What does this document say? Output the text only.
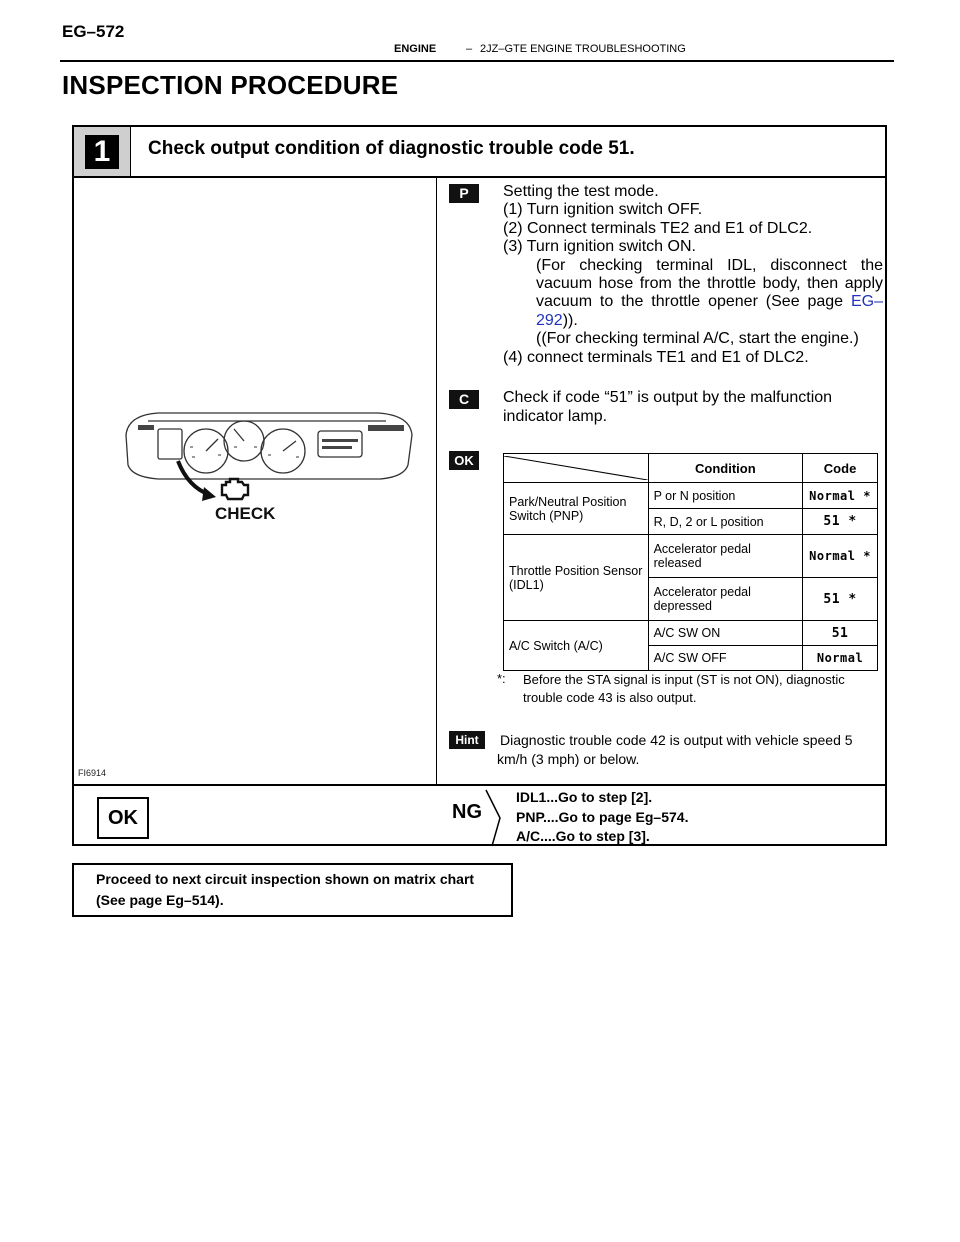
EG–572
ENGINE	– 2JZ–GTE ENGINE TROUBLESHOOTING
INSPECTION PROCEDURE
1	Check output condition of diagnostic trouble code 51.
CHECK
FI6914
P
C
OK
Hint
Setting the test mode.
(1) Turn ignition switch OFF.
(2) Connect terminals TE2 and E1 of DLC2.
(3) Turn ignition switch ON.
(For checking terminal IDL, disconnect the vacuum hose from the throttle body, then apply vacuum to the throttle opener (See page EG–292)).
((For checking terminal A/C, start the engine.)
(4) connect terminals TE1 and E1 of DLC2.
Check if code “51” is output by the malfunction indicator lamp.
	Condition	Code
Park/Neutral Position Switch (PNP)	P or N position	Normal *
	R, D, 2 or L position	51 *
Throttle Position Sensor (IDL1)	Accelerator pedal released	Normal *
	Accelerator pedal depressed	51 *
A/C Switch (A/C)	A/C SW ON	51
	A/C SW OFF	Normal
*: Before the STA signal is input (ST is not ON), diagnostic trouble code 43 is also output.
Diagnostic trouble code 42 is output with vehicle speed 5 km/h (3 mph) or below.
OK	NG
IDL1...Go to step [2].
PNP....Go to page Eg–574.
A/C....Go to step [3].
Proceed to next circuit inspection shown on matrix chart (See page Eg–514).
